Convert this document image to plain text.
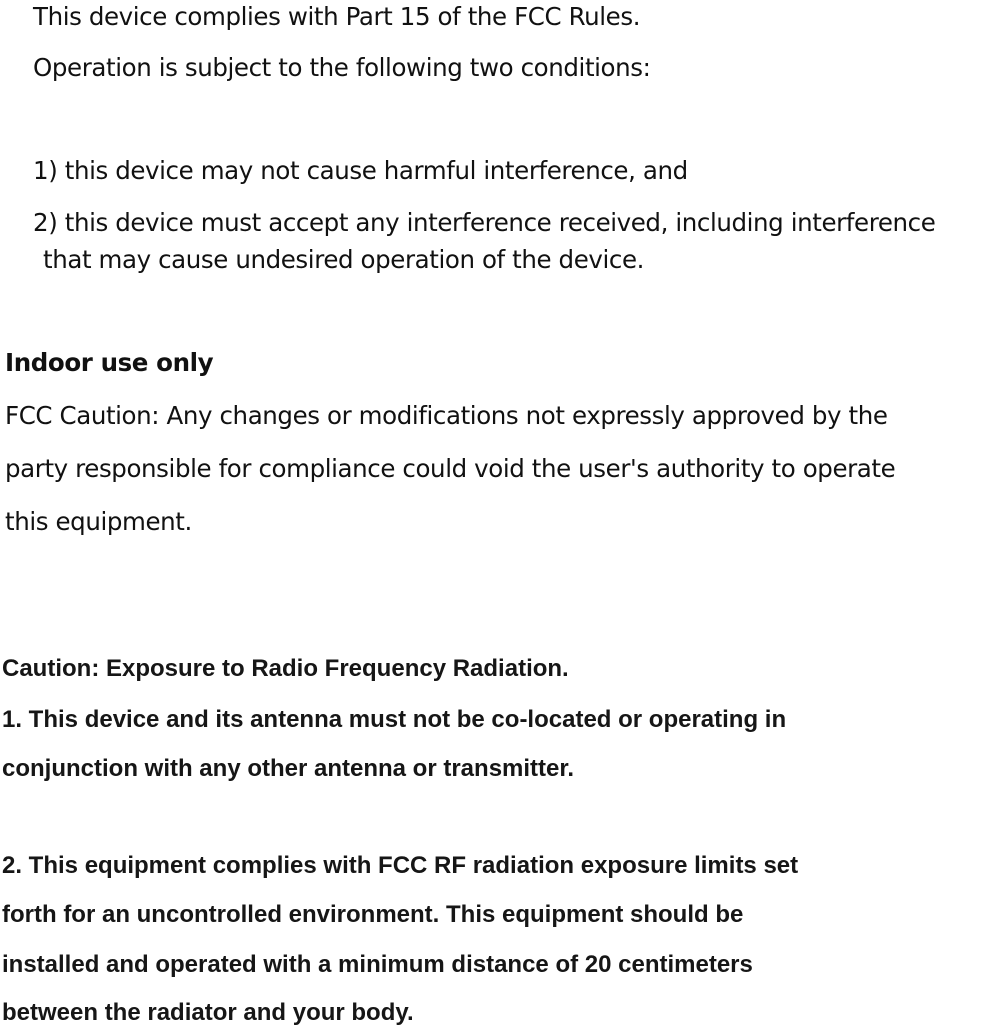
This device complies with Part 15 of the FCC Rules.
Operation is subject to the following two conditions:
1) this device may not cause harmful interference, and
2) this device must accept any interference received, including interference
that may cause undesired operation of the device.
Indoor use only
FCC Caution: Any changes or modifications not expressly approved by the
party responsible for compliance could void the user's authority to operate
this equipment.
Caution: Exposure to Radio Frequency Radiation.
1. This device and its antenna must not be co-located or operating in
conjunction with any other antenna or transmitter.
2. This equipment complies with FCC RF radiation exposure limits set
forth for an uncontrolled environment. This equipment should be
installed and operated with a minimum distance of 20 centimeters
between the radiator and your body.
